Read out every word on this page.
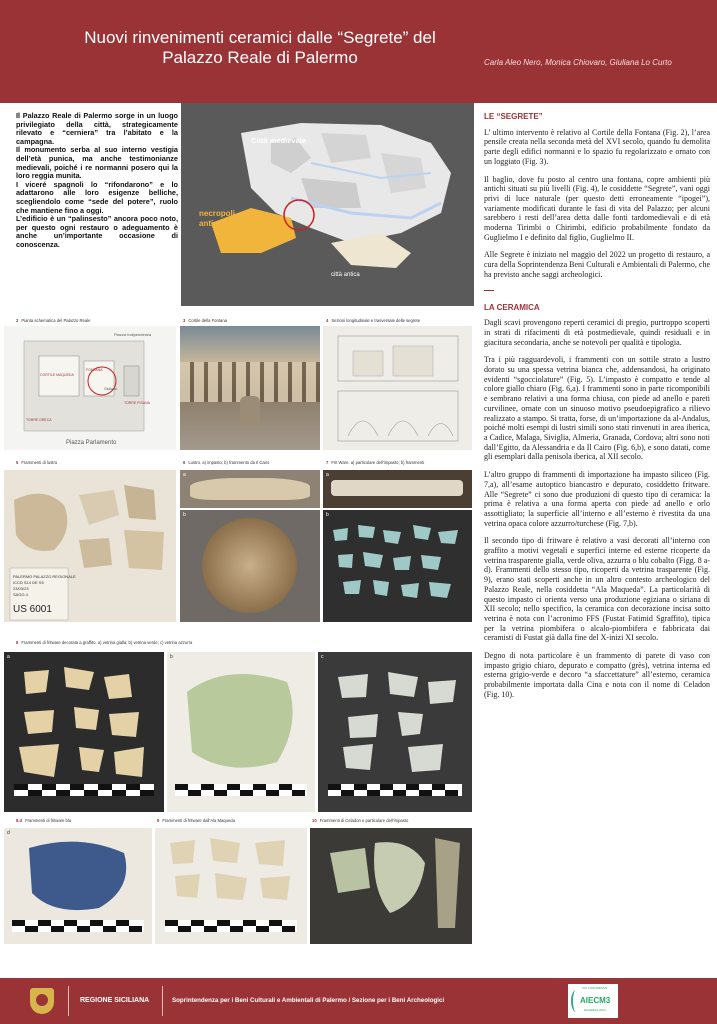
Nuovi rinvenimenti ceramici dalle “Segrete” del
Palazzo Reale di Palermo	Carla Aleo Nero, Monica Chiovaro, Giuliana Lo Curto

Il Palazzo Reale di Palermo sorge in un luogo privilegiato della città, strategicamente rilevato e “cerniera” tra l’abitato e la campagna.

Il monumento serba al suo interno vestigia dell’età punica, ma anche testimonianze medievali, poiché i re normanni posero qui la loro reggia munita.

I viceré spagnoli lo “rifondarono” e lo adattarono alle loro esigenze belliche, scegliendolo come “sede del potere”, ruolo che mantiene fino a oggi.

L’edificio è un “palinsesto” ancora poco noto, per questo ogni restauro o adeguamento è anche un’importante occasione di conoscenza.

Città medievale
necropoli
antica
città antica
2 Pianta schematica del Palazzo Reale	3 Cortile della Fontana	4 Sezioni longitudinale e trasversale delle segrete
Piazza Indipendenza
Piazza Parlamento
CORTILE MAQUEDA
FONTANA
TORRE PISANA
TORRE GRECA
Giuliana
5 Frammenti di lustro	6 Lustro. a) impasto; b) frammento da Il Cairo	7 Frit Ware. a) particolare dell’impasto; b) frammenti
PALERMO PALAZZO REGIONALE
ICCD S14 DE S5
23/03/23
SAGG 4
US 6001
a
b
a
b
8 Frammenti di fritware decorata a graffito. a) vetrina gialla; b) vetrina verde; c) vetrina azzurra
a	b	c
8.d Frammenti di fritware blu	9 Frammenti di fritware dall’Ala Maqueda	10 Frammenti di Celadon e particolare dell’impasto
d
LE “SEGRETE”

L’ ultimo intervento è relativo al Cortile della Fontana (Fig. 2), l’area pensile creata nella seconda metà del XVI secolo, quando fu demolita parte degli edifici normanni e lo spazio fu regolarizzato e ornato con un loggiato (Fig. 3).

Il baglio, dove fu posto al centro una fontana, copre ambienti più antichi situati su più livelli (Fig. 4), le cosiddette “Segrete”, vani oggi privi di luce naturale (per questo detti erroneamente “ipogei”), variamente modificati durante le fasi di vita del Palazzo; per alcuni sarebbero i resti dell’area detta dalle fonti tardomedievali e di età moderna Tirimbi o Chirimbi, edificio probabilmente fondato da Guglielmo I e definito dal figlio, Guglielmo II.

Alle Segrete è iniziato nel maggio del 2022 un progetto di restauro, a cura della Soprintendenza Beni Culturali e Ambientali di Palermo, che ha previsto anche saggi archeologici.

LA CERAMICA

Dagli scavi provengono reperti ceramici di pregio, purtroppo scoperti in strati di rifacimenti di età postmedievale, quindi residuali e in giacitura secondaria, anche se notevoli per qualità e tipologia.

Tra i più ragguardevoli, i frammenti con un sottile strato a lustro dorato su una spessa vetrina bianca che, addensandosi, ha originato evidenti “sgocciolature” (Fig. 5). L’impasto è compatto e tende al colore giallo chiaro (Fig. 6,a). I frammenti sono in parte ricomponibili e sembrano relativi a una forma chiusa, con piede ad anello e pareti curvilinee, ornate con un sinuoso motivo pseudoepigrafico a rilievo realizzato a stampo. Si tratta, forse, di un’importazione da al-Andalus, poiché molti esempi di lustri simili sono stati rinvenuti in area iberica, a Cadice, Malaga, Siviglia, Almeria, Granada, Cordova; altri sono noti dall’Egitto, da Alessandria e da Il Cairo (Fig. 6,b), e sono datati, come gli esemplari dalla penisola iberica, al XII secolo.

L’altro gruppo di frammenti di importazione ha impasto siliceo (Fig. 7,a), all’esame autoptico biancastro e depurato, cosiddetto fritware. Alle “Segrete” ci sono due produzioni di questo tipo di ceramica: la prima è relativa a una forma aperta con piede ad anello e orlo assottigliato; la superficie all’interno e all’esterno è rivestita da una vetrina opaca colore azzurro/turchese (Fig. 7,b).

Il secondo tipo di fritware è relativo a vasi decorati all’interno con graffito a motivi vegetali e superfici interne ed esterne ricoperte da vetrina trasparente gialla, verde oliva, azzurra o blu cobalto (Figg. 8 a-d). Frammenti dello stesso tipo, ricoperti da vetrina trasparente (Fig. 9), erano stati scoperti anche in un altro contesto archeologico del Palazzo Reale, nella cosiddetta “Ala Maqueda”. La particolarità di questo impasto ci orienta verso una produzione egiziana o siriana di XII secolo; nello specifico, la ceramica con decorazione incisa sotto vetrina è nota con l’acronimo FFS (Fustat Fatimid Sgraffito), tipica per la vetrina piombifera o alcalo-piombifera e fabbricata dai ceramisti di Fustat già dalla fine del X-inizi XI secolo.

Degno di nota particolare è un frammento di parete di vaso con impasto grigio chiaro, depurato e compatto (grès), vetrina interna ed esterna grigio-verde e decoro “a sfaccettature” all’esterno, ceramica probabilmente importata dalla Cina e nota con il nome di Celadon (Fig. 10).

REGIONE SICILIANA	Soprintendenza per i Beni Culturali e Ambientali di Palermo / Sezione per i Beni Archeologici
XIV CONGRESSO
AIECM3
RAVENNA 2024
